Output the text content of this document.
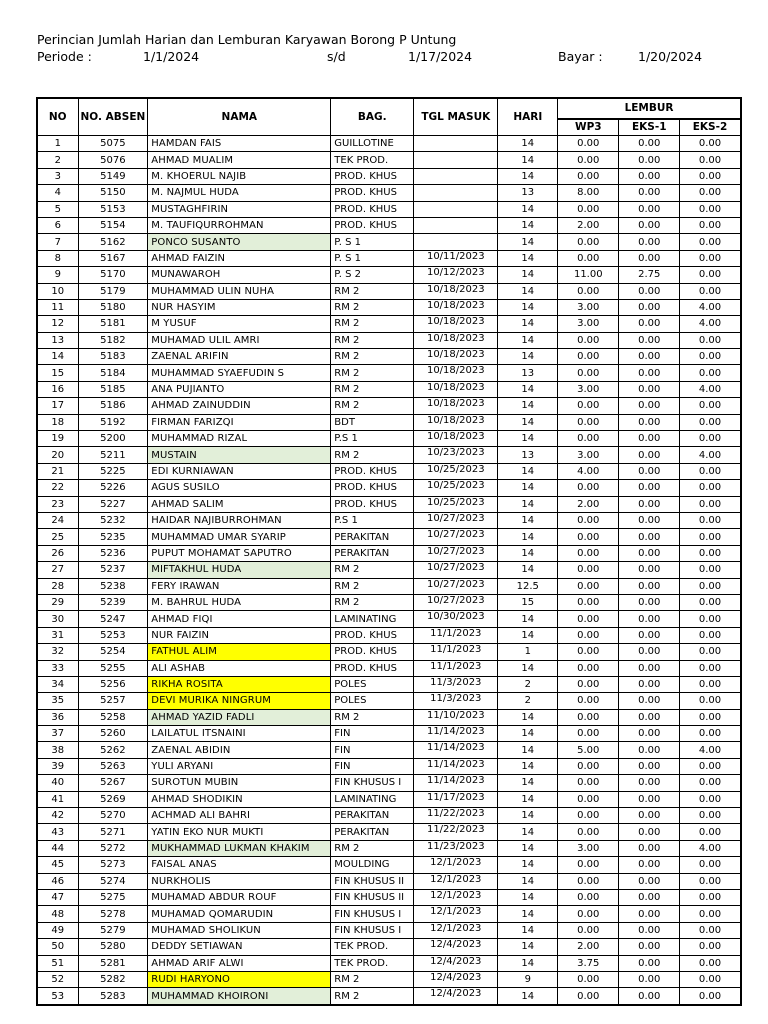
Perincian Jumlah Harian dan Lemburan Karyawan Borong P Untung
Periode :	1/1/2024	s/d	1/17/2024	Bayar :	1/20/2024
NO	NO. ABSEN	NAMA	BAG.	TGL MASUK	HARI	LEMBUR		
						WP3	EKS-1	EKS-2
1	5075	HAMDAN FAIS	GUILLOTINE		14	0.00	0.00	0.00
2	5076	AHMAD MUALIM	TEK PROD.		14	0.00	0.00	0.00
3	5149	M. KHOERUL NAJIB	PROD. KHUS		14	0.00	0.00	0.00
4	5150	M. NAJMUL HUDA	PROD. KHUS		13	8.00	0.00	0.00
5	5153	MUSTAGHFIRIN	PROD. KHUS		14	0.00	0.00	0.00
6	5154	M. TAUFIQURROHMAN	PROD. KHUS		14	2.00	0.00	0.00
7	5162	PONCO SUSANTO	P. S 1		14	0.00	0.00	0.00
8	5167	AHMAD FAIZIN	P. S 1	10/11/2023	14	0.00	0.00	0.00
9	5170	MUNAWAROH	P. S 2	10/12/2023	14	11.00	2.75	0.00
10	5179	MUHAMMAD ULIN NUHA	RM 2	10/18/2023	14	0.00	0.00	0.00
11	5180	NUR HASYIM	RM 2	10/18/2023	14	3.00	0.00	4.00
12	5181	M YUSUF	RM 2	10/18/2023	14	3.00	0.00	4.00
13	5182	MUHAMAD ULIL AMRI	RM 2	10/18/2023	14	0.00	0.00	0.00
14	5183	ZAENAL ARIFIN	RM 2	10/18/2023	14	0.00	0.00	0.00
15	5184	MUHAMMAD SYAEFUDIN S	RM 2	10/18/2023	13	0.00	0.00	0.00
16	5185	ANA PUJIANTO	RM 2	10/18/2023	14	3.00	0.00	4.00
17	5186	AHMAD ZAINUDDIN	RM 2	10/18/2023	14	0.00	0.00	0.00
18	5192	FIRMAN FARIZQI	BDT	10/18/2023	14	0.00	0.00	0.00
19	5200	MUHAMMAD RIZAL	P.S 1	10/18/2023	14	0.00	0.00	0.00
20	5211	MUSTAIN	RM 2	10/23/2023	13	3.00	0.00	4.00
21	5225	EDI KURNIAWAN	PROD. KHUS	10/25/2023	14	4.00	0.00	0.00
22	5226	AGUS SUSILO	PROD. KHUS	10/25/2023	14	0.00	0.00	0.00
23	5227	AHMAD SALIM	PROD. KHUS	10/25/2023	14	2.00	0.00	0.00
24	5232	HAIDAR NAJIBURROHMAN	P.S 1	10/27/2023	14	0.00	0.00	0.00
25	5235	MUHAMMAD UMAR SYARIP	PERAKITAN	10/27/2023	14	0.00	0.00	0.00
26	5236	PUPUT MOHAMAT SAPUTRO	PERAKITAN	10/27/2023	14	0.00	0.00	0.00
27	5237	MIFTAKHUL HUDA	RM 2	10/27/2023	14	0.00	0.00	0.00
28	5238	FERY IRAWAN	RM 2	10/27/2023	12.5	0.00	0.00	0.00
29	5239	M. BAHRUL HUDA	RM 2	10/27/2023	15	0.00	0.00	0.00
30	5247	AHMAD FIQI	LAMINATING	10/30/2023	14	0.00	0.00	0.00
31	5253	NUR FAIZIN	PROD. KHUS	11/1/2023	14	0.00	0.00	0.00
32	5254	FATHUL ALIM	PROD. KHUS	11/1/2023	1	0.00	0.00	0.00
33	5255	ALI ASHAB	PROD. KHUS	11/1/2023	14	0.00	0.00	0.00
34	5256	RIKHA ROSITA	POLES	11/3/2023	2	0.00	0.00	0.00
35	5257	DEVI MURIKA NINGRUM	POLES	11/3/2023	2	0.00	0.00	0.00
36	5258	AHMAD YAZID FADLI	RM 2	11/10/2023	14	0.00	0.00	0.00
37	5260	LAILATUL ITSNAINI	FIN	11/14/2023	14	0.00	0.00	0.00
38	5262	ZAENAL ABIDIN	FIN	11/14/2023	14	5.00	0.00	4.00
39	5263	YULI ARYANI	FIN	11/14/2023	14	0.00	0.00	0.00
40	5267	SUROTUN MUBIN	FIN KHUSUS I	11/14/2023	14	0.00	0.00	0.00
41	5269	AHMAD SHODIKIN	LAMINATING	11/17/2023	14	0.00	0.00	0.00
42	5270	ACHMAD ALI BAHRI	PERAKITAN	11/22/2023	14	0.00	0.00	0.00
43	5271	YATIN EKO NUR MUKTI	PERAKITAN	11/22/2023	14	0.00	0.00	0.00
44	5272	MUKHAMMAD LUKMAN KHAKIM	RM 2	11/23/2023	14	3.00	0.00	4.00
45	5273	FAISAL ANAS	MOULDING	12/1/2023	14	0.00	0.00	0.00
46	5274	NURKHOLIS	FIN KHUSUS II	12/1/2023	14	0.00	0.00	0.00
47	5275	MUHAMAD ABDUR ROUF	FIN KHUSUS II	12/1/2023	14	0.00	0.00	0.00
48	5278	MUHAMAD QOMARUDIN	FIN KHUSUS I	12/1/2023	14	0.00	0.00	0.00
49	5279	MUHAMAD SHOLIKUN	FIN KHUSUS I	12/1/2023	14	0.00	0.00	0.00
50	5280	DEDDY SETIAWAN	TEK PROD.	12/4/2023	14	2.00	0.00	0.00
51	5281	AHMAD ARIF ALWI	TEK PROD.	12/4/2023	14	3.75	0.00	0.00
52	5282	RUDI HARYONO	RM 2	12/4/2023	9	0.00	0.00	0.00
53	5283	MUHAMMAD KHOIRONI	RM 2	12/4/2023	14	0.00	0.00	0.00
